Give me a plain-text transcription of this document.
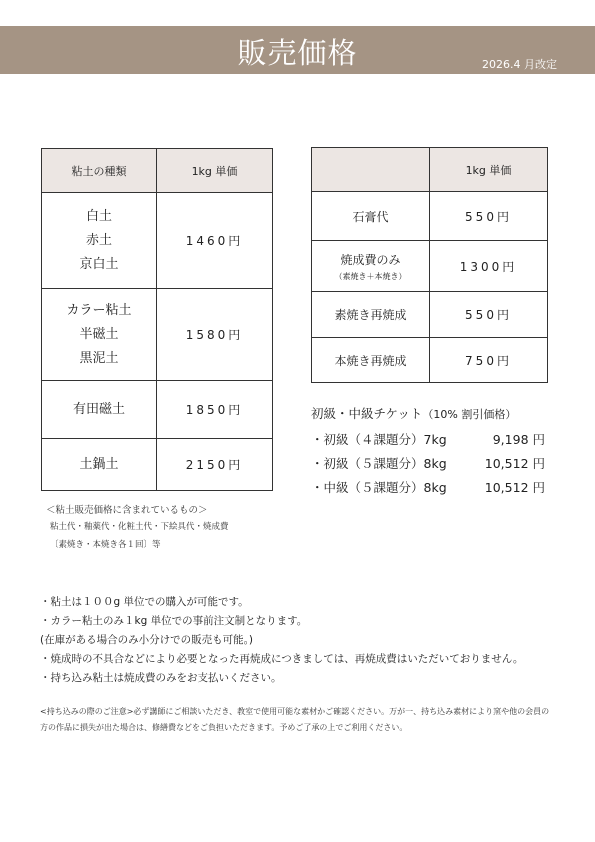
販売価格	2026.4 月改定
粘土の種類	1kg 単価

白土
赤土
京白土	1460円

カラー粘土
半磁土
黒泥土	1580円

有田磁土	1850円

土鍋土	2150円
	1kg 単価
石膏代	550円
焼成費のみ
（素焼き＋本焼き）	1300円
素焼き再焼成	550円
本焼き再焼成	750円
初級・中級チケット（10% 割引価格）
・初級（４課題分）7kg	9,198 円
・初級（５課題分）8kg	10,512 円
・中級（５課題分）8kg	10,512 円
＜粘土販売価格に含まれているもの＞
粘土代・釉薬代・化粧土代・下絵具代・焼成費
〔素焼き・本焼き各１回〕等
・粘土は１００g 単位での購入が可能です。
・カラー粘土のみ１kg 単位での事前注文制となります。
(在庫がある場合のみ小分けでの販売も可能。)
・焼成時の不具合などにより必要となった再焼成につきましては、再焼成費はいただいておりません。
・持ち込み粘土は焼成費のみをお支払いください。
<持ち込みの際のご注意>必ず講師にご相談いただき、教室で使用可能な素材かご確認ください。万が一、持ち込み素材により窯や他の会員の方の作品に損失が出た場合は、修繕費などをご負担いただきます。予めご了承の上でご利用ください。
